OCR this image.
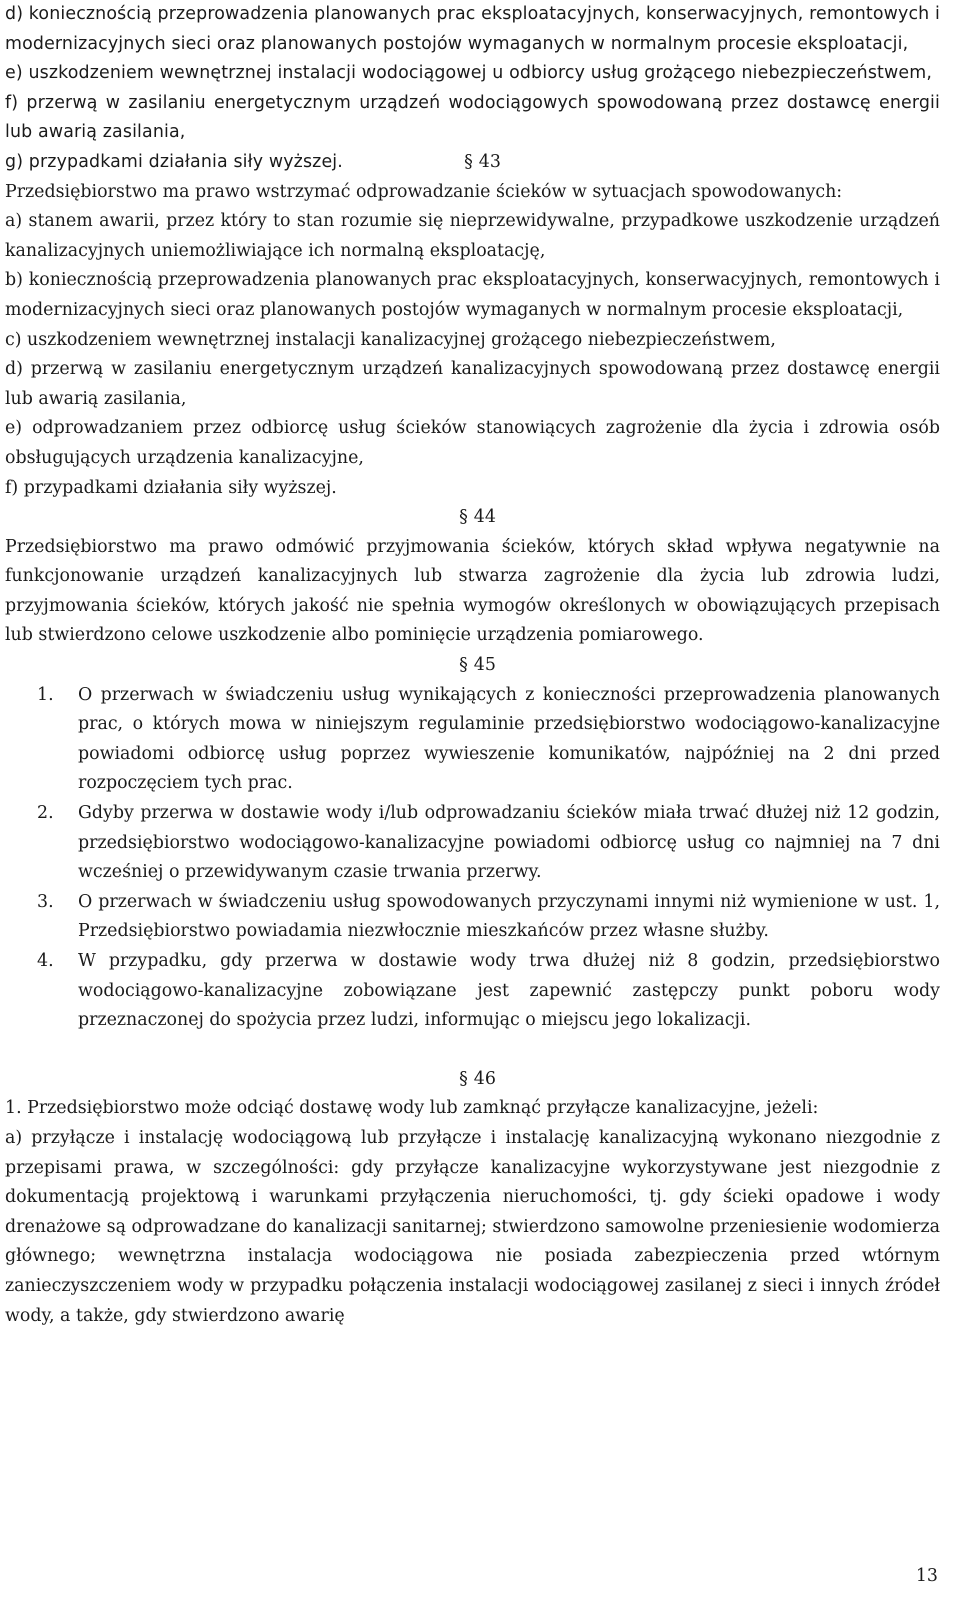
d) koniecznością przeprowadzenia planowanych prac eksploatacyjnych, konserwacyjnych, remontowych i modernizacyjnych sieci oraz planowanych postojów wymaganych w normalnym procesie eksploatacji,

e) uszkodzeniem wewnętrznej instalacji wodociągowej u odbiorcy usług grożącego niebezpieczeństwem,

f) przerwą w zasilaniu energetycznym urządzeń wodociągowych spowodowaną przez dostawcę energii lub awarią zasilania,

g) przypadkami działania siły wyższej.

§	43

Przedsiębiorstwo ma prawo wstrzymać odprowadzanie ścieków w sytuacjach spowodowanych:

a) stanem awarii, przez który to stan rozumie się nieprzewidywalne, przypadkowe uszkodzenie urządzeń kanalizacyjnych uniemożliwiające ich normalną eksploatację,

b) koniecznością przeprowadzenia planowanych prac eksploatacyjnych, konserwacyjnych, remontowych i modernizacyjnych sieci oraz planowanych postojów wymaganych w normalnym procesie eksploatacji,

c) uszkodzeniem wewnętrznej instalacji kanalizacyjnej grożącego niebezpieczeństwem,

d) przerwą w zasilaniu energetycznym urządzeń kanalizacyjnych spowodowaną przez dostawcę energii lub awarią zasilania,

e) odprowadzaniem przez odbiorcę usług ścieków stanowiących zagrożenie dla życia i zdrowia osób obsługujących urządzenia kanalizacyjne,

f) przypadkami działania siły wyższej.

§ 44

Przedsiębiorstwo ma prawo odmówić przyjmowania ścieków, których skład wpływa negatywnie na funkcjonowanie urządzeń kanalizacyjnych lub stwarza zagrożenie dla życia lub zdrowia ludzi, przyjmowania ścieków, których jakość nie spełnia wymogów określonych w obowiązujących przepisach lub stwierdzono celowe uszkodzenie albo pominięcie urządzenia pomiarowego.

§ 45

1. O przerwach w świadczeniu usług wynikających z konieczności przeprowadzenia planowanych prac, o których mowa w niniejszym regulaminie przedsiębiorstwo wodociągowo-kanalizacyjne powiadomi odbiorcę usług poprzez wywieszenie komunikatów, najpóźniej na 2 dni przed rozpoczęciem tych prac.
2. Gdyby przerwa w dostawie wody i/lub odprowadzaniu ścieków miała trwać dłużej niż 12 godzin, przedsiębiorstwo wodociągowo-kanalizacyjne powiadomi odbiorcę usług co najmniej na 7 dni wcześniej o przewidywanym czasie trwania przerwy.
3. O przerwach w świadczeniu usług spowodowanych przyczynami innymi niż wymienione w ust. 1, Przedsiębiorstwo powiadamia niezwłocznie mieszkańców przez własne służby.
4. W przypadku, gdy przerwa w dostawie wody trwa dłużej niż 8 godzin, przedsiębiorstwo wodociągowo-kanalizacyjne zobowiązane jest zapewnić zastępczy punkt poboru wody przeznaczonej do spożycia przez ludzi, informując o miejscu jego lokalizacji.

§ 46

1. Przedsiębiorstwo może odciąć dostawę wody lub zamknąć przyłącze kanalizacyjne, jeżeli:

a) przyłącze i instalację wodociągową lub przyłącze i instalację kanalizacyjną wykonano niezgodnie z przepisami prawa, w szczególności: gdy przyłącze kanalizacyjne wykorzystywane jest niezgodnie z dokumentacją projektową i warunkami przyłączenia nieruchomości, tj. gdy ścieki opadowe i wody drenażowe są odprowadzane do kanalizacji sanitarnej; stwierdzono samowolne przeniesienie wodomierza głównego; wewnętrzna instalacja wodociągowa nie posiada zabezpieczenia przed wtórnym zanieczyszczeniem wody w przypadku połączenia instalacji wodociągowej zasilanej z sieci i innych źródeł wody, a także, gdy stwierdzono awarię

13
